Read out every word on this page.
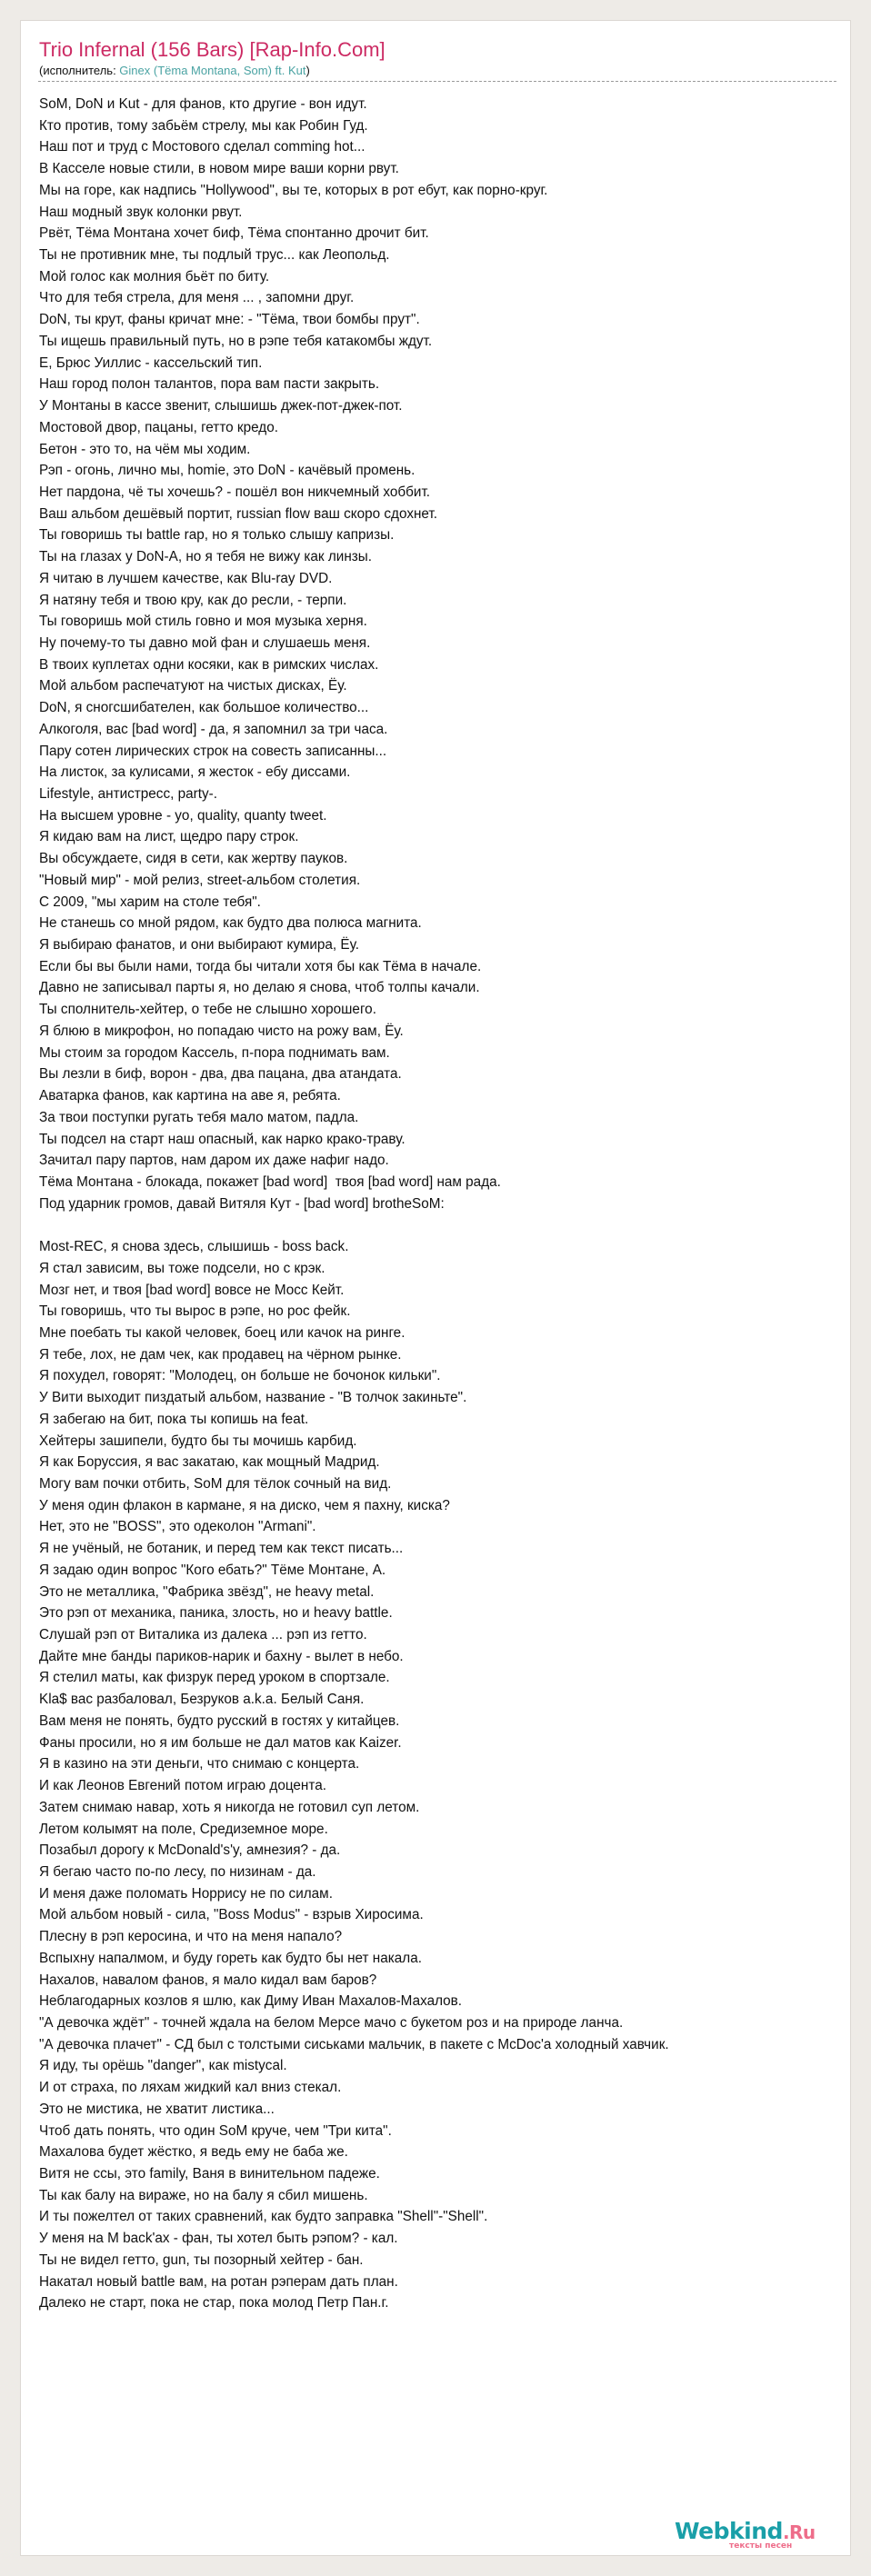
Trio Infernal (156 Bars) [Rap-Info.Com]
(исполнитель: Ginex (Tёma Montana, Som) ft. Kut)
SoM, DoN и Kut - для фанов, кто другие - вон идут.
Кто против, тому забьём стрелу, мы как Робин Гуд.
Наш пот и труд с Мостового сделал comming hot...
В Касселе новые стили, в новом мире ваши корни рвут.
Мы на горе, как надпись "Hollywood", вы те, которых в рот ебут, как порно-круг.
Наш модный звук колонки рвут.
Рвёт, Тёма Монтана хочет биф, Тёма спонтанно дрочит бит.
Ты не противник мне, ты подлый трус... как Леопольд.
Мой голос как молния бьёт по биту.
Что для тебя стрела, для меня ... , запомни друг.
DoN, ты крут, фаны кричат мне: - "Тёма, твои бомбы прут".
Ты ищешь правильный путь, но в рэпе тебя катакомбы ждут.
Е, Брюс Уиллис - кассельский тип.
Наш город полон талантов, пора вам пасти закрыть.
У Монтаны в кассе звенит, слышишь джек-пот-джек-пот.
Мостовой двор, пацаны, гетто кредо.
Бетон - это то, на чём мы ходим.
Рэп - огонь, лично мы, homie, это DoN - качёвый промень.
Нет пардона, чё ты хочешь? - пошёл вон никчемный хоббит.
Ваш альбом дешёвый портит, russian flow ваш скоро сдохнет.
Ты говоришь ты battle rap, но я только слышу капризы.
Ты на глазах у DoN-A, но я тебя не вижу как линзы.
Я читаю в лучшем качестве, как Blu-ray DVD.
Я натяну тебя и твою кру, как до ресли, - терпи.
Ты говоришь мой стиль говно и моя музыка херня.
Ну почему-то ты давно мой фан и слушаешь меня.
В твоих куплетах одни косяки, как в римских числах.
Мой альбом распечатуют на чистых дисках, Ёу.
DoN, я сногсшибателен, как большое количество...
Алкоголя, вас [bad word] - да, я запомнил за три часа.
Пару сотен лирических строк на совесть записанны...
На листок, за кулисами, я жесток - ебу диссами.
Lifestyle, антистресс, party-.
На высшем уровне - yo, quality, quanty tweet.
Я кидаю вам на лист, щедро пару строк.
Вы обсуждаете, сидя в сети, как жертву пауков.
"Новый мир" - мой релиз, street-альбом столетия.
С 2009, "мы харим на столе тебя".
Не станешь со мной рядом, как будто два полюса магнита.
Я выбираю фанатов, и они выбирают кумира, Ёу.
Если бы вы были нами, тогда бы читали хотя бы как Тёма в начале.
Давно не записывал парты я, но делаю я снова, чтоб толпы качали.
Ты сполнитель-хейтер, о тебе не слышно хорошего.
Я блюю в микрофон, но попадаю чисто на рожу вам, Ёу.
Мы стоим за городом Кассель, п-пора поднимать вам.
Вы лезли в биф, ворон - два, два пацана, два атандата.
Аватарка фанов, как картина на аве я, ребята.
За твои поступки ругать тебя мало матом, падла.
Ты подсел на старт наш опасный, как нарко крако-траву.
Зачитал пару партов, нам даром их даже нафиг надо.
Тёма Монтана - блокада, покажет [bad word]  твоя [bad word] нам рада.
Под ударник громов, давай Витяля Кут - [bad word] brotheSoM:
Most-REC, я снова здесь, слышишь - boss back.
Я стал зависим, вы тоже подсели, но с крэк.
Мозг нет, и твоя [bad word] вовсе не Мосс Кейт.
Ты говоришь, что ты вырос в рэпе, но рос фейк.
Мне поебать ты какой человек, боец или качок на ринге.
Я тебе, лох, не дам чек, как продавец на чёрном рынке.
Я похудел, говорят: "Молодец, он больше не бочонок кильки".
У Вити выходит пиздатый альбом, название - "В толчок закиньте".
Я забегаю на бит, пока ты копишь на feat.
Хейтеры зашипели, будто бы ты мочишь карбид.
Я как Боруссия, я вас закатаю, как мощный Мадрид.
Могу вам почки отбить, SoM для тёлок сочный на вид.
У меня один флакон в кармане, я на диско, чем я пахну, киска?
Нет, это не "BOSS", это одеколон "Armani".
Я не учёный, не ботаник, и перед тем как текст писать...
Я задаю один вопрос "Кого ебать?" Тёме Монтане, А.
Это не металлика, "Фабрика звёзд", не heavy metal.
Это рэп от механика, паника, злость, но и heavy battle.
Слушай рэп от Виталика из далека ... рэп из гетто.
Дайте мне банды париков-нарик и бахну - вылет в небо.
Я стелил маты, как физрук перед уроком в спортзале.
Kla$ вас разбаловал, Безруков a.k.a. Белый Саня.
Вам меня не понять, будто русский в гостях у китайцев.
Фаны просили, но я им больше не дал матов как Kaizer.
Я в казино на эти деньги, что снимаю с концерта.
И как Леонов Евгений потом играю доцента.
Затем снимаю навар, хоть я никогда не готовил суп летом.
Летом колымят на поле, Средиземное море.
Позабыл дорогу к McDonald's'y, амнезия? - да.
Я бегаю часто по-по лесу, по низинам - да.
И меня даже поломать Норрису не по силам.
Мой альбом новый - сила, "Boss Modus" - взрыв Хиросима.
Плесну в рэп керосина, и что на меня напало?
Вспыхну напалмом, и буду гореть как будто бы нет накала.
Нахалов, навалом фанов, я мало кидал вам баров?
Неблагодарных козлов я шлю, как Диму Иван Махалов-Махалов.
"А девочка ждёт" - точней ждала на белом Мерсе мачо с букетом роз и на природе ланча.
"А девочка плачет" - СД был с толстыми сиськами мальчик, в пакете с McDoc'a холодный хавчик.
Я иду, ты орёшь "danger", как mistycal.
И от страха, по ляхам жидкий кал вниз стекал.
Это не мистика, не хватит листика...
Чтоб дать понять, что один SoM круче, чем "Три кита".
Махалова будет жёстко, я ведь ему не баба же.
Витя не ссы, это family, Ваня в винительном падеже.
Ты как балу на вираже, но на балу я сбил мишень.
И ты пожелтел от таких сравнений, как будто заправка "Shell"-"Shell".
У меня на M back'ax - фан, ты хотел быть рэпом? - кал.
Ты не видел гетто, gun, ты позорный хейтер - бан.
Накатал новый battle вам, на ротан рэперам дать план.
Далеко не старт, пока не стар, пока молод Петр Пан.г.
Webkind.Ru
тексты песен
